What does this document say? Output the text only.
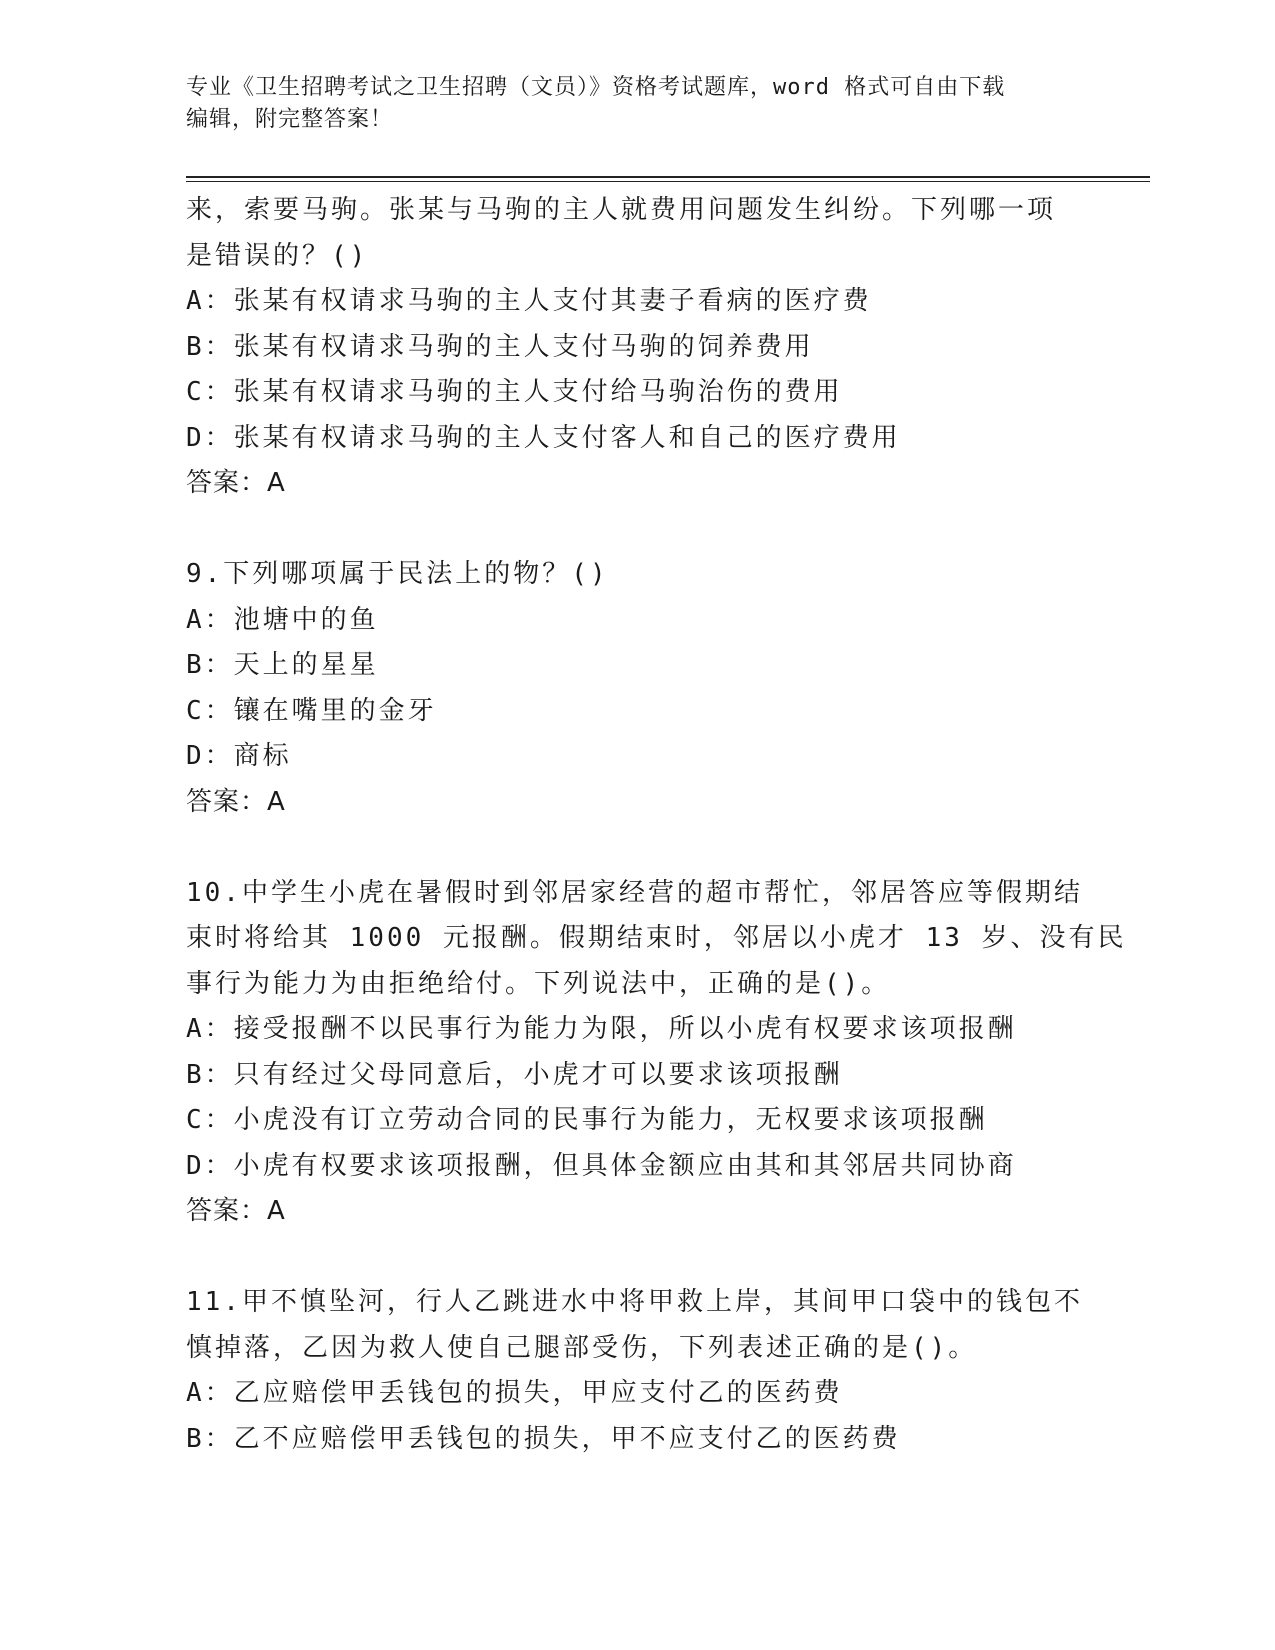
专业《卫生招聘考试之卫生招聘（文员）》资格考试题库，word 格式可自由下载
编辑，附完整答案！
来，索要马驹。张某与马驹的主人就费用问题发生纠纷。下列哪一项
是错误的？()
A：张某有权请求马驹的主人支付其妻子看病的医疗费
B：张某有权请求马驹的主人支付马驹的饲养费用
C：张某有权请求马驹的主人支付给马驹治伤的费用
D：张某有权请求马驹的主人支付客人和自己的医疗费用
答案：A
9.下列哪项属于民法上的物？()
A：池塘中的鱼
B：天上的星星
C：镶在嘴里的金牙
D：商标
答案：A
10.中学生小虎在暑假时到邻居家经营的超市帮忙，邻居答应等假期结
束时将给其 1000 元报酬。假期结束时，邻居以小虎才 13 岁、没有民
事行为能力为由拒绝给付。下列说法中，正确的是()。
A：接受报酬不以民事行为能力为限，所以小虎有权要求该项报酬
B：只有经过父母同意后，小虎才可以要求该项报酬
C：小虎没有订立劳动合同的民事行为能力，无权要求该项报酬
D：小虎有权要求该项报酬，但具体金额应由其和其邻居共同协商
答案：A
11.甲不慎坠河，行人乙跳进水中将甲救上岸，其间甲口袋中的钱包不
慎掉落，乙因为救人使自己腿部受伤，下列表述正确的是()。
A：乙应赔偿甲丢钱包的损失，甲应支付乙的医药费
B：乙不应赔偿甲丢钱包的损失，甲不应支付乙的医药费
